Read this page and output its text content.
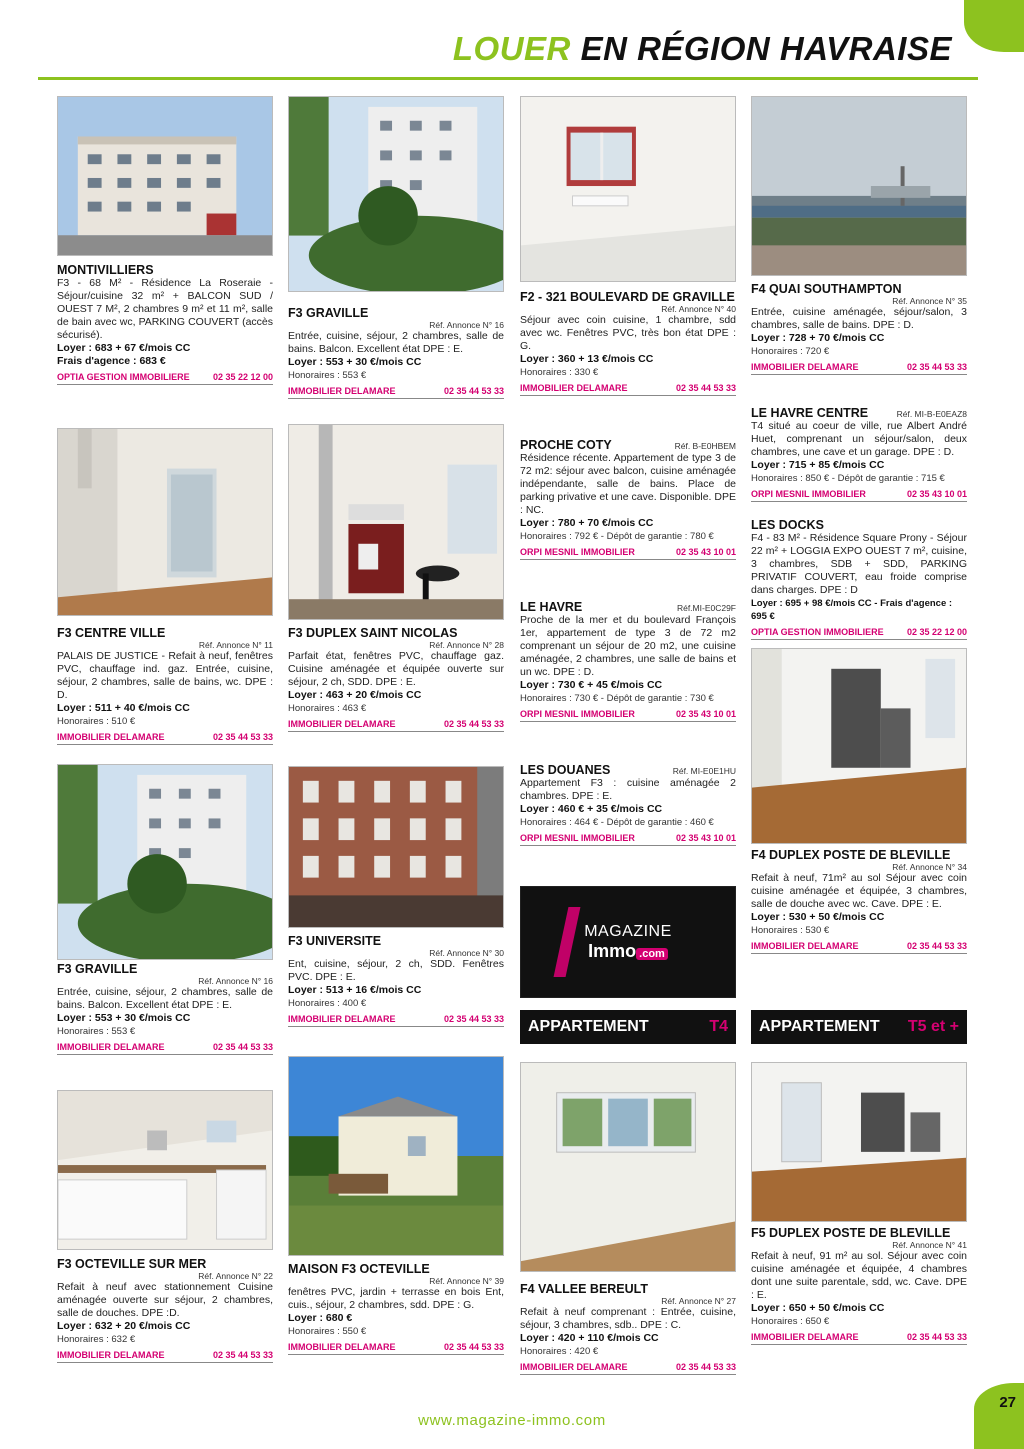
LOUER EN RÉGION HAVRAISE
MONTIVILLIERS
F3 - 68 M² - Résidence La Roseraie - Séjour/cuisine 32 m² + BALCON SUD / OUEST 7 M², 2 chambres 9 m² et 11 m², salle de bain avec wc, PARKING COUVERT (accès sécurisé).
Loyer : 683 + 67 €/mois CC
Frais d'agence : 683 €
OPTIA GESTION IMMOBILIERE	02 35 22 12 00
F3 CENTRE VILLE
Réf. Annonce N° 11
PALAIS DE JUSTICE - Refait à neuf, fenêtres PVC, chauffage ind. gaz. Entrée, cuisine, séjour, 2 chambres, salle de bains, wc. DPE : D.
Loyer : 511 + 40 €/mois CC
Honoraires : 510 €
IMMOBILIER DELAMARE	02 35 44 53 33
F3 GRAVILLE
Réf. Annonce N° 16
Entrée, cuisine, séjour, 2 chambres, salle de bains. Balcon. Excellent état DPE : E.
Loyer : 553 + 30 €/mois CC
Honoraires : 553 €
IMMOBILIER DELAMARE	02 35 44 53 33
F3 OCTEVILLE SUR MER
Réf. Annonce N° 22
Refait à neuf avec stationnement Cuisine aménagée ouverte sur séjour, 2 chambres, salle de douches. DPE :D.
Loyer : 632 + 20 €/mois CC
Honoraires : 632 €
IMMOBILIER DELAMARE	02 35 44 53 33
F3 GRAVILLE
Réf. Annonce N° 16
Entrée, cuisine, séjour, 2 chambres, salle de bains. Balcon. Excellent état DPE : E.
Loyer : 553 + 30 €/mois CC
Honoraires : 553 €
IMMOBILIER DELAMARE	02 35 44 53 33
F3 DUPLEX SAINT NICOLAS
Réf. Annonce N° 28
Parfait état, fenêtres PVC, chauffage gaz. Cuisine aménagée et équipée ouverte sur séjour, 2 ch, SDD. DPE : E.
Loyer : 463 + 20 €/mois CC
Honoraires : 463 €
IMMOBILIER DELAMARE	02 35 44 53 33
F3 UNIVERSITE
Réf. Annonce N° 30
Ent, cuisine, séjour, 2 ch, SDD. Fenêtres PVC. DPE : E.
Loyer : 513 + 16 €/mois CC
Honoraires : 400 €
IMMOBILIER DELAMARE	02 35 44 53 33
MAISON F3 OCTEVILLE
Réf. Annonce N° 39
fenêtres PVC, jardin + terrasse en bois Ent, cuis., séjour, 2 chambres, sdd. DPE : G.
Loyer : 680 €
Honoraires : 550 €
IMMOBILIER DELAMARE	02 35 44 53 33
F2 - 321 BOULEVARD DE GRAVILLE
Réf. Annonce N° 40
Séjour avec coin cuisine, 1 chambre, sdd avec wc. Fenêtres PVC, très bon état DPE : G.
Loyer : 360 + 13 €/mois CC
Honoraires : 330 €
IMMOBILIER DELAMARE	02 35 44 53 33
PROCHE COTY	Réf. B-E0HBEM
Résidence récente. Appartement de type 3 de 72 m2: séjour avec balcon, cuisine aménagée indépendante, salle de bains. Place de parking privative et une cave. Disponible. DPE : NC.
Loyer : 780 + 70 €/mois CC
Honoraires : 792 € - Dépôt de garantie : 780 €
ORPI MESNIL IMMOBILIER	02 35 43 10 01
LE HAVRE	Réf.MI-E0C29F
Proche de la mer et du boulevard François 1er, appartement de type 3 de 72 m2 comprenant un séjour de 20 m2, une cuisine aménagée, 2 chambres, une salle de bains et un wc. DPE : D.
Loyer : 730 € + 45 €/mois CC
Honoraires : 730 € - Dépôt de garantie : 730 €
ORPI MESNIL IMMOBILIER	02 35 43 10 01
LES DOUANES	Réf. MI-E0E1HU
Appartement F3 : cuisine aménagée 2 chambres. DPE : E.
Loyer : 460 € + 35 €/mois CC
Honoraires : 464 € - Dépôt de garantie : 460 €
ORPI MESNIL IMMOBILIER	02 35 43 10 01
MAGAZINE
Immo .com
APPARTEMENT	T4
F4 VALLEE BEREULT
Réf. Annonce N° 27
Refait à neuf comprenant : Entrée, cuisine, séjour, 3 chambres, sdb.. DPE : C.
Loyer : 420 + 110 €/mois CC
Honoraires : 420 €
IMMOBILIER DELAMARE	02 35 44 53 33
F4 QUAI SOUTHAMPTON
Réf. Annonce N° 35
Entrée, cuisine aménagée, séjour/salon, 3 chambres, salle de bains. DPE : D.
Loyer : 728 + 70 €/mois CC
Honoraires : 720 €
IMMOBILIER DELAMARE	02 35 44 53 33
LE HAVRE CENTRE	Réf. MI-B-E0EAZ8
T4 situé au coeur de ville, rue Albert André Huet, comprenant un séjour/salon, deux chambres, une cave et un garage. DPE : D.
Loyer : 715 + 85 €/mois CC
Honoraires : 850 € - Dépôt de garantie : 715 €
ORPI MESNIL IMMOBILIER	02 35 43 10 01
LES DOCKS
F4 - 83 M² - Résidence Square Prony - Séjour 22 m² + LOGGIA EXPO OUEST 7 m², cuisine, 3 chambres, SDB + SDD, PARKING PRIVATIF COUVERT, eau froide comprise dans charges. DPE : D
Loyer : 695 + 98 €/mois CC - Frais d'agence : 695 €
OPTIA GESTION IMMOBILIERE	02 35 22 12 00
F4 DUPLEX POSTE DE BLEVILLE
Réf. Annonce N° 34
Refait à neuf, 71m² au sol Séjour avec coin cuisine aménagée et équipée, 3 chambres, salle de douche avec wc. Cave. DPE : E.
Loyer : 530 + 50 €/mois CC
Honoraires : 530 €
IMMOBILIER DELAMARE	02 35 44 53 33
APPARTEMENT T5 et +
F5 DUPLEX POSTE DE BLEVILLE
Réf. Annonce N° 41
Refait à neuf, 91 m² au sol. Séjour avec coin cuisine aménagée et équipée, 4 chambres dont une suite parentale, sdd, wc. Cave. DPE : E.
Loyer : 650 + 50 €/mois CC
Honoraires : 650 €
IMMOBILIER DELAMARE	02 35 44 53 33
www.magazine-immo.com
27
